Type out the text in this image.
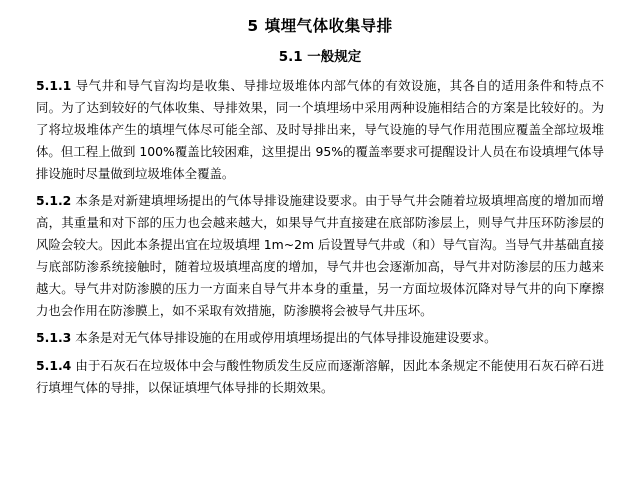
5 填埋气体收集导排
5.1 一般规定

5.1.1 导气井和导气盲沟均是收集、导排垃圾堆体内部气体的有效设施，其各自的适用条件和特点不同。为了达到较好的气体收集、导排效果，同一个填埋场中采用两种设施相结合的方案是比较好的。为了将垃圾堆体产生的填埋气体尽可能全部、及时导排出来，导气设施的导气作用范围应覆盖全部垃圾堆体。但工程上做到 100%覆盖比较困难，这里提出 95%的覆盖率要求可提醒设计人员在布设填埋气体导排设施时尽量做到垃圾堆体全覆盖。

5.1.2 本条是对新建填埋场提出的气体导排设施建设要求。由于导气井会随着垃圾填埋高度的增加而增高，其重量和对下部的压力也会越来越大，如果导气井直接建在底部防渗层上，则导气井压环防渗层的风险会较大。因此本条提出宜在垃圾填埋 1m~2m 后设置导气井或（和）导气盲沟。当导气井基础直接与底部防渗系统接触时，随着垃圾填埋高度的增加，导气井也会逐渐加高，导气井对防渗层的压力越来越大。导气井对防渗膜的压力一方面来自导气井本身的重量，另一方面垃圾体沉降对导气井的向下摩擦力也会作用在防渗膜上，如不采取有效措施，防渗膜将会被导气井压坏。

5.1.3 本条是对无气体导排设施的在用或停用填埋场提出的气体导排设施建设要求。

5.1.4 由于石灰石在垃圾体中会与酸性物质发生反应而逐渐溶解，因此本条规定不能使用石灰石碎石进行填埋气体的导排，以保证填埋气体导排的长期效果。
